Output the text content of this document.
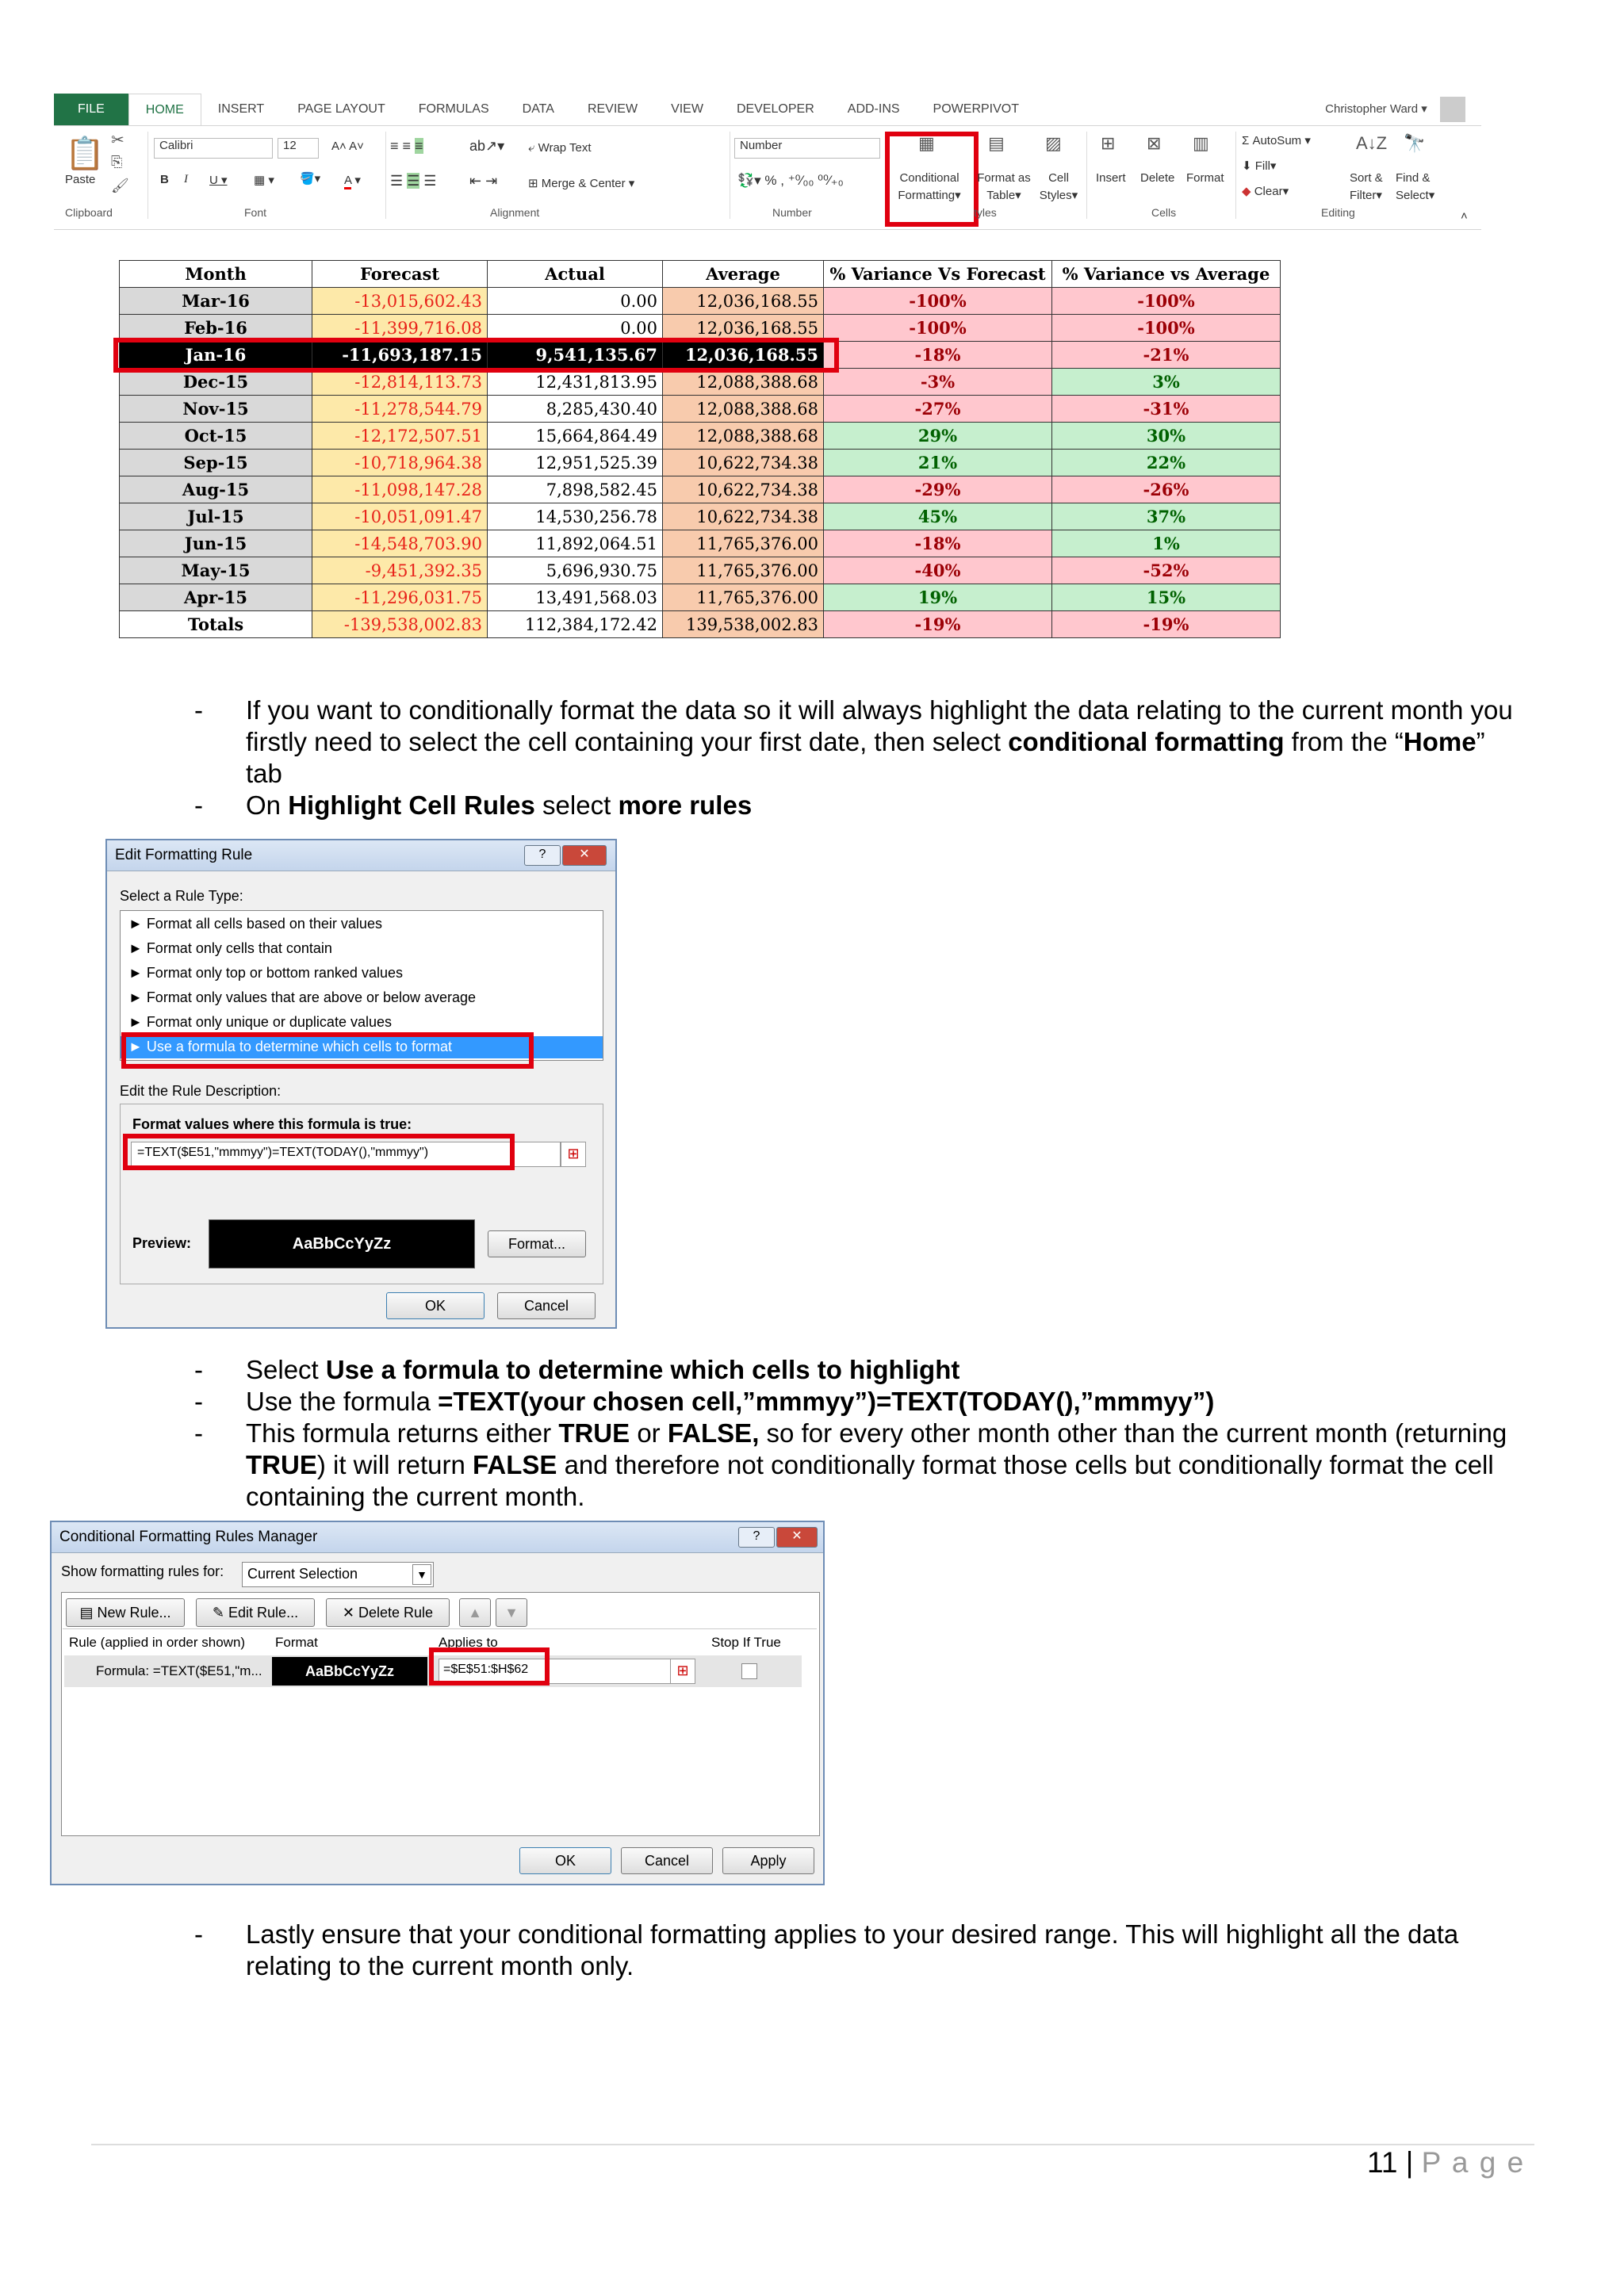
FILE	HOME	INSERT	PAGE LAYOUT	FORMULAS	DATA	REVIEW	VIEW	DEVELOPER	ADD-INS	POWERPIVOT	Christopher Ward ▾
📋
Paste
✂
⎘
🖌
Clipboard
Calibri	12	A˄ A˅
B I U ▾ ▦ ▾ 🪣▾ A ▾
Font
≡ ≡ ≡	ab↗▾
☰ ☰ ☰ ⇤ ⇥
⤶ Wrap Text
⊞ Merge & Center ▾
Alignment
Number
💱▾ % , ⁺⁰⁄₀₀ ⁰⁰⁄₊₀
Number
▦
Conditional
Formatting▾
▤
Format as
Table▾
▨
Cell
Styles▾
tyles
⊞
Insert
⊠
Delete
▥
Format
Cells
Σ AutoSum ▾
⬇ Fill▾
◆ Clear▾
A↓Z
Sort &
Filter▾
🔭
Find &
Select▾
Editing	˄
Month	Forecast	Actual	Average	% Variance Vs Forecast	% Variance vs Average
Mar-16	-13,015,602.43	0.00	12,036,168.55	-100%	-100%
Feb-16	-11,399,716.08	0.00	12,036,168.55	-100%	-100%
Jan-16	-11,693,187.15	9,541,135.67	12,036,168.55	-18%	-21%
Dec-15	-12,814,113.73	12,431,813.95	12,088,388.68	-3%	3%
Nov-15	-11,278,544.79	8,285,430.40	12,088,388.68	-27%	-31%
Oct-15	-12,172,507.51	15,664,864.49	12,088,388.68	29%	30%
Sep-15	-10,718,964.38	12,951,525.39	10,622,734.38	21%	22%
Aug-15	-11,098,147.28	7,898,582.45	10,622,734.38	-29%	-26%
Jul-15	-10,051,091.47	14,530,256.78	10,622,734.38	45%	37%
Jun-15	-14,548,703.90	11,892,064.51	11,765,376.00	-18%	1%
May-15	-9,451,392.35	5,696,930.75	11,765,376.00	-40%	-52%
Apr-15	-11,296,031.75	13,491,568.03	11,765,376.00	19%	15%
Totals	-139,538,002.83	112,384,172.42	139,538,002.83	-19%	-19%
- If you want to conditionally format the data so it will always highlight the data relating to the current month you firstly need to select the cell containing your first date, then select conditional formatting from the “Home” tab
- On Highlight Cell Rules select more rules
Edit Formatting Rule	?	✕
Select a Rule Type:
► Format all cells based on their values
► Format only cells that contain
► Format only top or bottom ranked values
► Format only values that are above or below average
► Format only unique or duplicate values
► Use a formula to determine which cells to format
Edit the Rule Description:
Format values where this formula is true:
=TEXT($E51,"mmmyy")=TEXT(TODAY(),"mmmyy")	⊞
Preview:	AaBbCcYyZz	Format...
OK	Cancel
- Select Use a formula to determine which cells to highlight
- Use the formula =TEXT(your chosen cell,”mmmyy”)=TEXT(TODAY(),”mmmyy”)
- This formula returns either TRUE or FALSE, so for every other month other than the current month (returning TRUE) it will return FALSE and therefore not conditionally format those cells but conditionally format the cell containing the current month.
Conditional Formatting Rules Manager	?	✕
Show formatting rules for: Current Selection	▼
▤ New Rule...	✎ Edit Rule...	✕ Delete Rule	▲	▼
Rule (applied in order shown) Format	Applies to	Stop If True
Formula: =TEXT($E51,"m...	AaBbCcYyZz	=$E$51:$H$62	⊞
OK	Cancel	Apply
- Lastly ensure that your conditional formatting applies to your desired range. This will highlight all the data relating to the current month only.
11 | P a g e
